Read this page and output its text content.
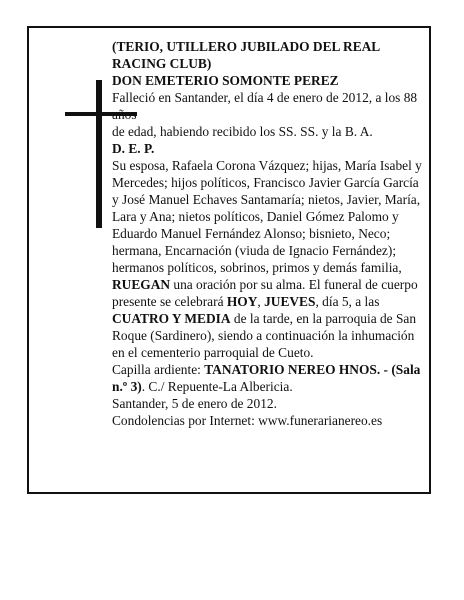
(TERIO, UTILLERO JUBILADO DEL REAL RACING CLUB)

DON EMETERIO SOMONTE PEREZ

Falleció en Santander, el día 4 de enero de 2012, a los 88 años

de edad, habiendo recibido los SS. SS. y la B. A.

D. E. P.

Su esposa, Rafaela Corona Vázquez; hijas, María Isabel y Mercedes; hijos políticos, Francisco Javier García García y José Manuel Echaves Santamaría; nietos, Javier, María, Lara y Ana; nietos políticos, Daniel Gómez Palomo y Eduardo Manuel Fernández Alonso; bisnieto, Neco; hermana, Encarnación (viuda de Ignacio Fernández); hermanos políticos, sobrinos, primos y demás familia,

RUEGAN una oración por su alma. El funeral de cuerpo presente se celebrará HOY, JUEVES, día 5, a las CUATRO Y MEDIA de la tarde, en la parroquia de San Roque (Sardinero), siendo a continuación la inhumación en el cementerio parroquial de Cueto.

Capilla ardiente: TANATORIO NEREO HNOS. - (Sala n.º 3). C./ Repuente-La Albericia.

Santander, 5 de enero de 2012.

Condolencias por Internet: www.funerarianereo.es
